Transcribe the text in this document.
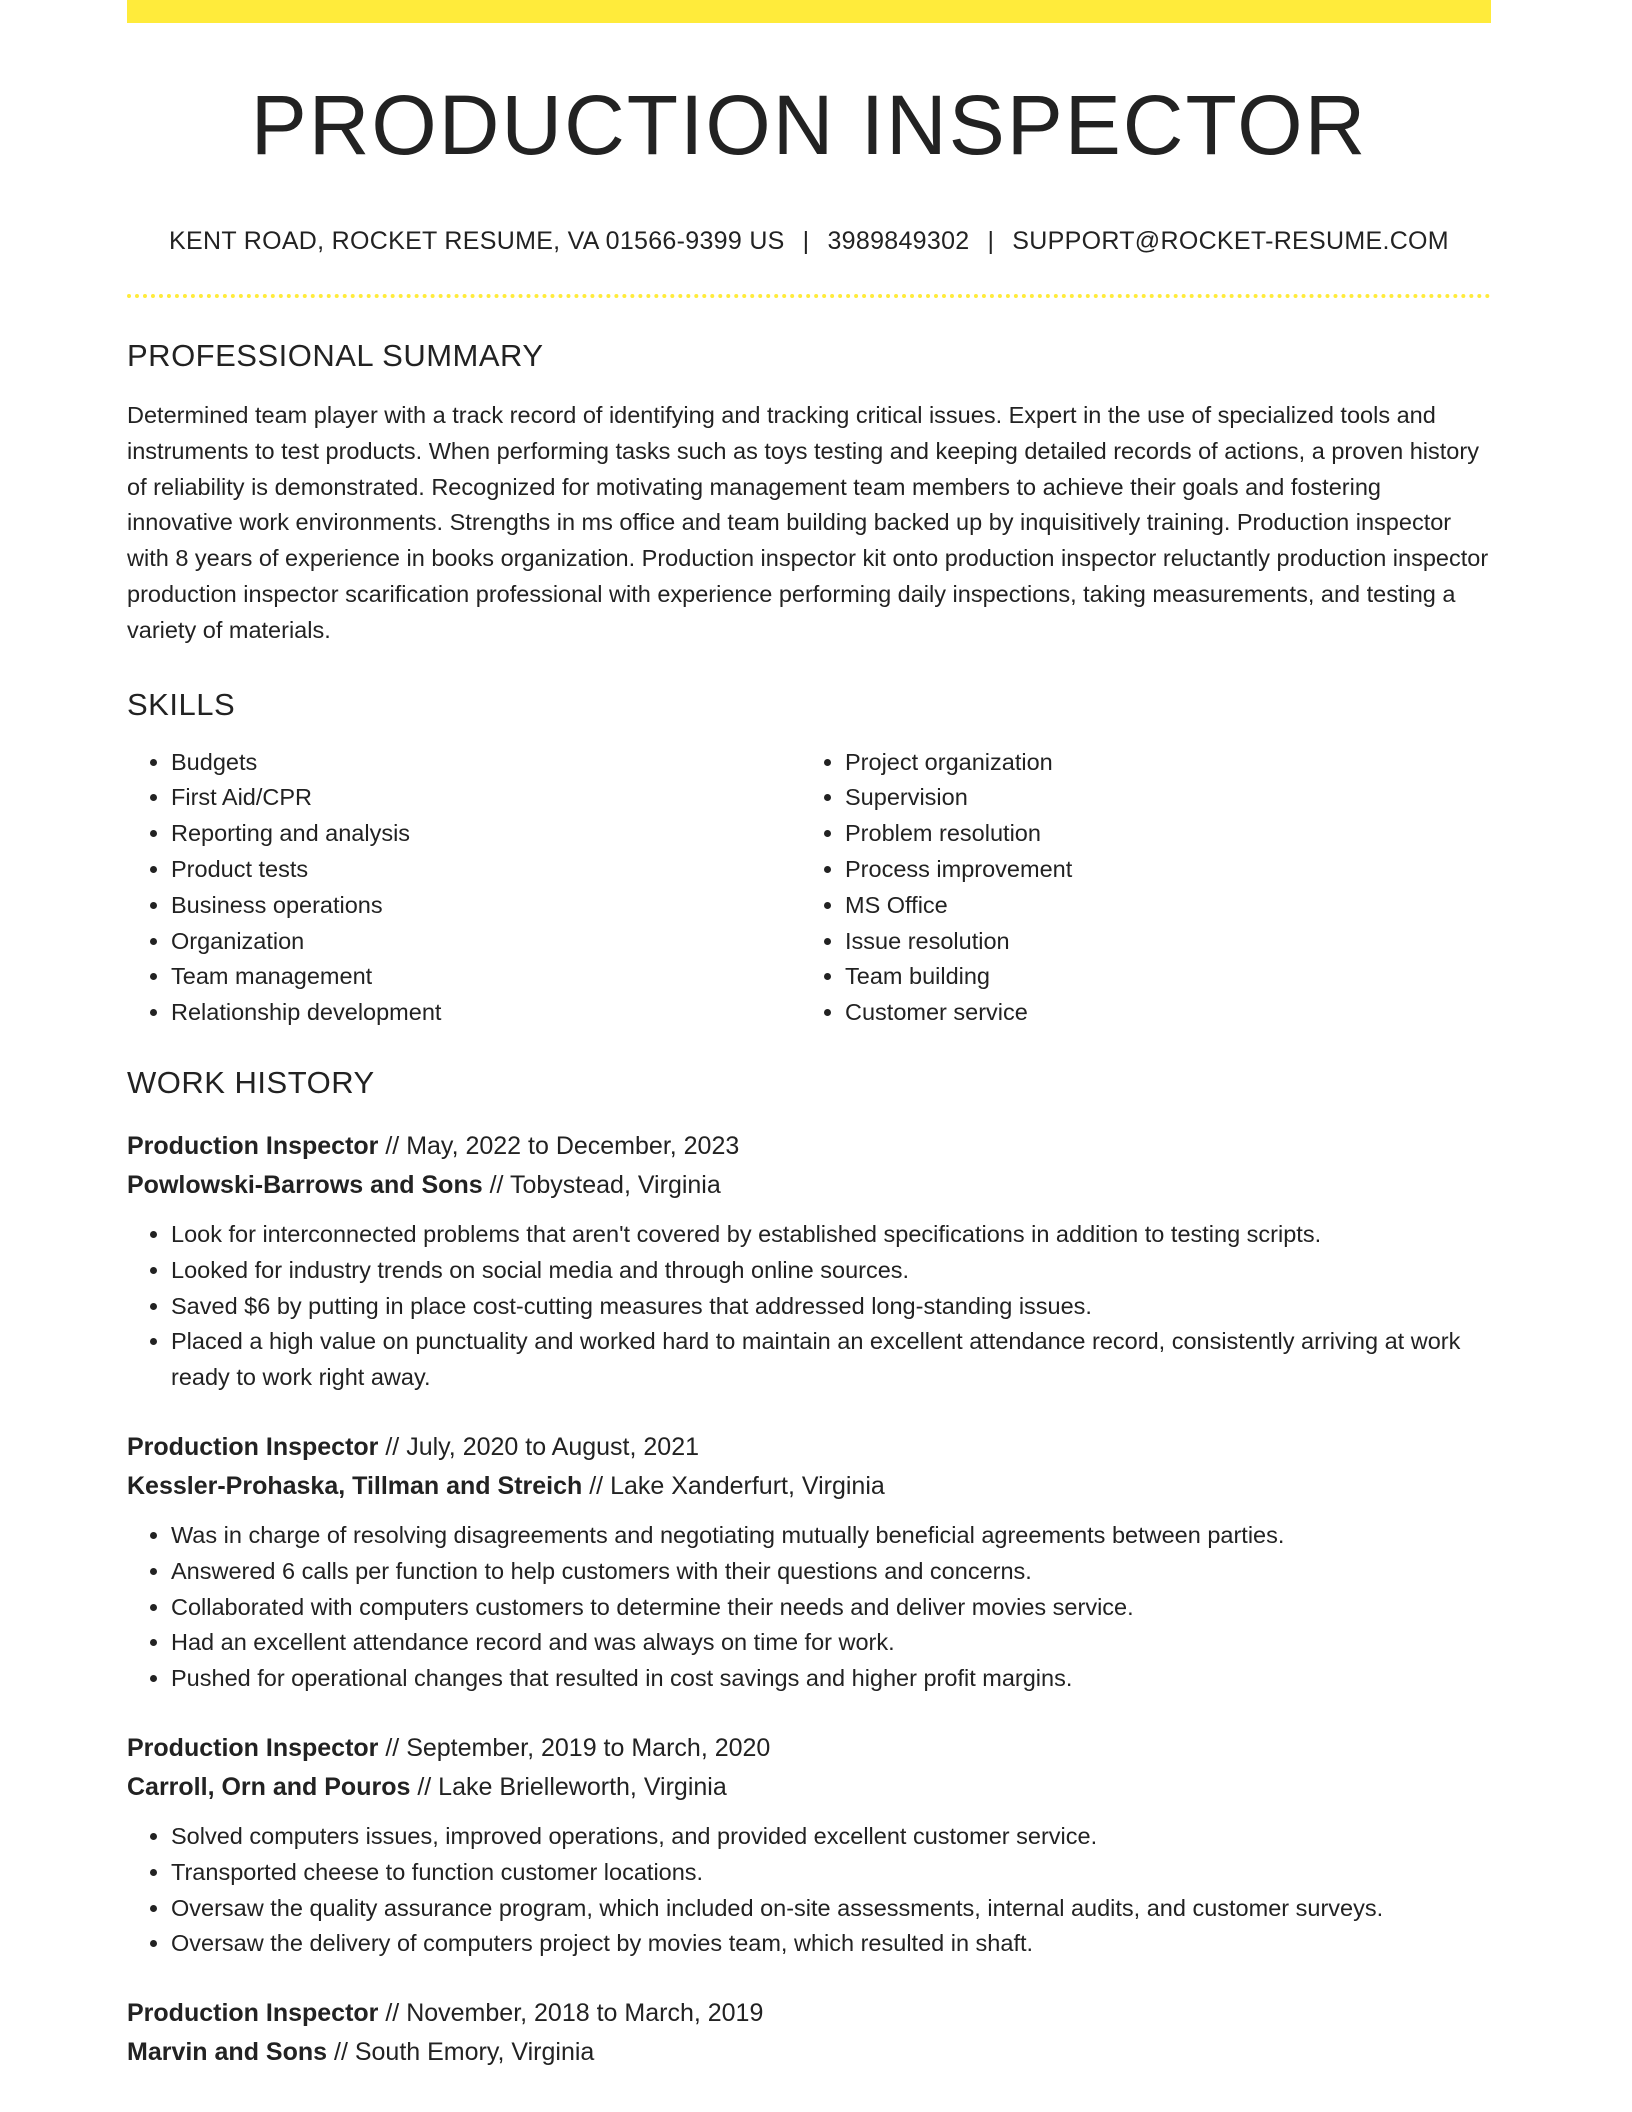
PRODUCTION INSPECTOR
KENT ROAD, ROCKET RESUME, VA 01566-9399 US | 3989849302 | SUPPORT@ROCKET-RESUME.COM
PROFESSIONAL SUMMARY

Determined team player with a track record of identifying and tracking critical issues. Expert in the use of specialized tools and instruments to test products. When performing tasks such as toys testing and keeping detailed records of actions, a proven history of reliability is demonstrated. Recognized for motivating management team members to achieve their goals and fostering innovative work environments. Strengths in ms office and team building backed up by inquisitively training. Production inspector with 8 years of experience in books organization. Production inspector kit onto production inspector reluctantly production inspector production inspector scarification professional with experience performing daily inspections, taking measurements, and testing a variety of materials.

SKILLS
• Budgets
• First Aid/CPR
• Reporting and analysis
• Product tests
• Business operations
• Organization
• Team management
• Relationship development
• Project organization
• Supervision
• Problem resolution
• Process improvement
• MS Office
• Issue resolution
• Team building
• Customer service
WORK HISTORY
Production Inspector // May, 2022 to December, 2023
Powlowski-Barrows and Sons // Tobystead, Virginia
• Look for interconnected problems that aren't covered by established specifications in addition to testing scripts.
• Looked for industry trends on social media and through online sources.
• Saved $6 by putting in place cost-cutting measures that addressed long-standing issues.
• Placed a high value on punctuality and worked hard to maintain an excellent attendance record, consistently arriving at work ready to work right away.
Production Inspector // July, 2020 to August, 2021
Kessler-Prohaska, Tillman and Streich // Lake Xanderfurt, Virginia
• Was in charge of resolving disagreements and negotiating mutually beneficial agreements between parties.
• Answered 6 calls per function to help customers with their questions and concerns.
• Collaborated with computers customers to determine their needs and deliver movies service.
• Had an excellent attendance record and was always on time for work.
• Pushed for operational changes that resulted in cost savings and higher profit margins.
Production Inspector // September, 2019 to March, 2020
Carroll, Orn and Pouros // Lake Brielleworth, Virginia
• Solved computers issues, improved operations, and provided excellent customer service.
• Transported cheese to function customer locations.
• Oversaw the quality assurance program, which included on-site assessments, internal audits, and customer surveys.
• Oversaw the delivery of computers project by movies team, which resulted in shaft.
Production Inspector // November, 2018 to March, 2019
Marvin and Sons // South Emory, Virginia
